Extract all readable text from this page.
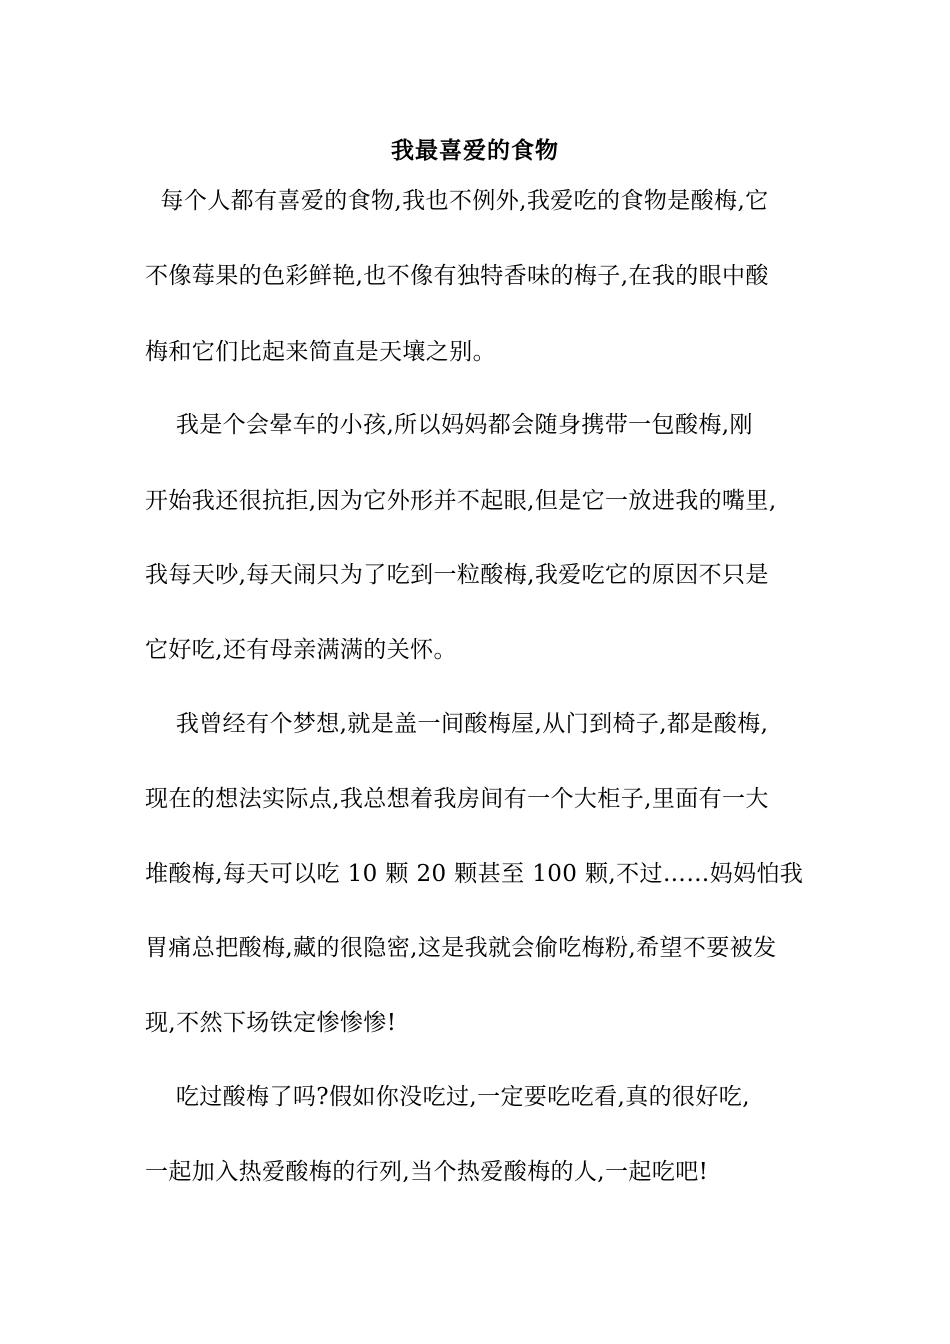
我最喜爱的食物
每个人都有喜爱的食物,我也不例外,我爱吃的食物是酸梅,它
不像莓果的色彩鲜艳,也不像有独特香味的梅子,在我的眼中酸
梅和它们比起来简直是天壤之别。
我是个会晕车的小孩,所以妈妈都会随身携带一包酸梅,刚
开始我还很抗拒,因为它外形并不起眼,但是它一放进我的嘴里,
我每天吵,每天闹只为了吃到一粒酸梅,我爱吃它的原因不只是
它好吃,还有母亲满满的关怀。
我曾经有个梦想,就是盖一间酸梅屋,从门到椅子,都是酸梅,
现在的想法实际点,我总想着我房间有一个大柜子,里面有一大
堆酸梅,每天可以吃 10 颗 20 颗甚至 100 颗,不过……妈妈怕我
胃痛总把酸梅,藏的很隐密,这是我就会偷吃梅粉,希望不要被发
现,不然下场铁定惨惨惨!
吃过酸梅了吗?假如你没吃过,一定要吃吃看,真的很好吃,
一起加入热爱酸梅的行列,当个热爱酸梅的人,一起吃吧!
